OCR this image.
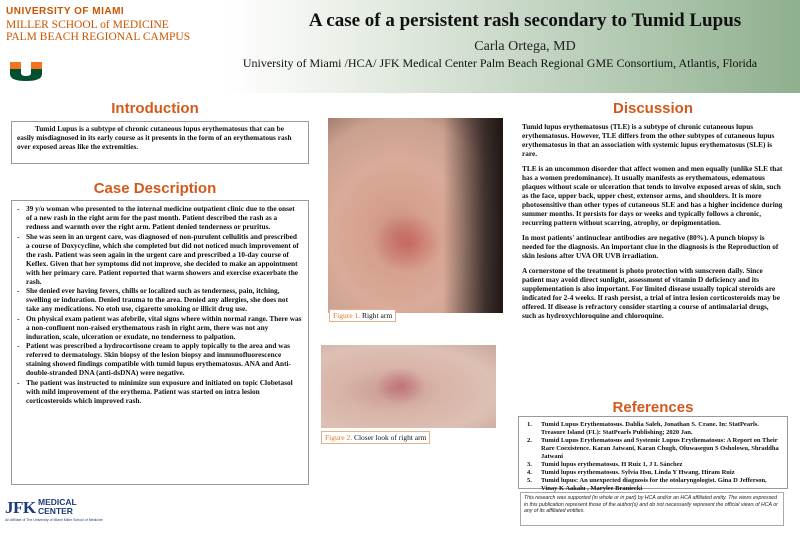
UNIVERSITY OF MIAMI
MILLER SCHOOL of MEDICINE
PALM BEACH REGIONAL CAMPUS
A case of a persistent rash secondary to Tumid Lupus
Carla Ortega, MD
University of Miami /HCA/ JFK Medical Center Palm Beach Regional GME Consortium, Atlantis, Florida
Introduction
Tumid Lupus is a subtype of chronic cutaneous lupus erythematosus that can be easily misdiagnosed in its early course as it presents in the form of an erythematous rash over exposed areas like the extremities.
Case Description
- 39 y/o woman who presented to the internal medicine outpatient clinic due to the onset of a new rash in the right arm for the past month. Patient described the rash as a redness and warmth over the right arm. Patient denied tenderness or pruritus.
- She was seen in an urgent care, was diagnosed of non-purulent cellulitis and prescribed a course of Doxycycline, which she completed but did not noticed much improvement of the rash. Patient was seen again in the urgent care and prescribed a 10-day course of Keflex. Given that her symptoms did not improve, she decided to make an appointment with her primary care. Patient reported that warm showers and exercise exacerbate the rash.
- She denied ever having fevers, chills or localized such as tenderness, pain, itching, swelling or induration. Denied trauma to the area. Denied any allergies, she does not take any medications. No etoh use, cigarette smoking or illicit drug use.
- On physical exam patient was afebrile, vital signs where within normal range. There was a non-confluent non-raised erythematous rash in right arm, there was not any induration, scale, ulceration or exudate, no tenderness to palpation.
- Patient was prescribed a hydrocortisone cream to apply topically to the area and was referred to dermatology. Skin biopsy of the lesion biopsy and immunofluorescence staining showed findings compatible with tumid lupus erythematosus. ANA and Anti-double-stranded DNA (anti-dsDNA) were negative.
- The patient was instructed to minimize sun exposure and initiated on topic Clobetasol with mild improvement of the erythema. Patient was started on intra lesion corticosteroids which improved rash.
Figure 1. Right arm
Figure 2. Closer look of right arm
Discussion

Tumid lupus erythematosus (TLE) is a subtype of chronic cutaneous lupus erythematosus. However, TLE differs from the other subtypes of cutaneous lupus erythematosus in that an association with systemic lupus erythematosus (SLE) is rare.

TLE is an uncommon disorder that affect women and men equally (unlike SLE that has a women predominance). It usually manifests as erythematous, edematous plaques without scale or ulceration that tends to involve exposed areas of skin, such as the face, upper back, upper chest, extensor arms, and shoulders. It is more photosensitive than other types of cutaneous SLE and has a higher incidence during summer months. It persists for days or weeks and typically follows a chronic, recurring pattern without scarring, atrophy, or depigmentation.

In most patients' antinuclear antibodies are negative (80%). A punch biopsy is needed for the diagnosis. An important clue in the diagnosis is the Reproduction of skin lesions after UVA OR UVB irradiation.

A cornerstone of the treatment is photo protection with sunscreen daily. Since patient may avoid direct sunlight, assessment of vitamin D deficiency and its supplementation is also important. For limited disease usually topical steroids are indicated for 2-4 weeks. If rash persist, a trial of intra lesion corticosteroids may be offered. If disease is refractory consider starting a course of antimalarial drugs, such as hydroxychloroquine and chloroquine.

References
1.	Tumid Lupus Erythematosus. Dahlia Saleh, Jonathan S. Crane. In: StatPearls. Treasure Island (FL): StatPearls Publishing; 2020 Jan.
2.	Tumid Lupus Erythematosus and Systemic Lupus Erythematosus: A Report on Their Rare Coexistence. Karan Jatwani, Karan Chugh, Oluwasegun S Osholowu, Shraddha Jatwani
3.	Tumid lupus erythematosus. H Ruiz 1, J L Sánchez
4.	Tumid lupus erythematosus. Sylvia Hsu, Linda Y Hwang, Hiram Ruiz
5.	Tumid lupus: An unexpected diagnosis for the otolaryngologist. Gina D Jefferson, Vinay K Aakalu , Marylee Braniecki
This research was supported (in whole or in part) by HCA and/or an HCA affiliated entity. The views expressed in this publication represent those of the author(s) and do not necessarily represent the official views of HCA or any of its affiliated entities.
JFK MEDICAL
CENTER
An Affiliate of The University of Miami Miller School of Medicine
